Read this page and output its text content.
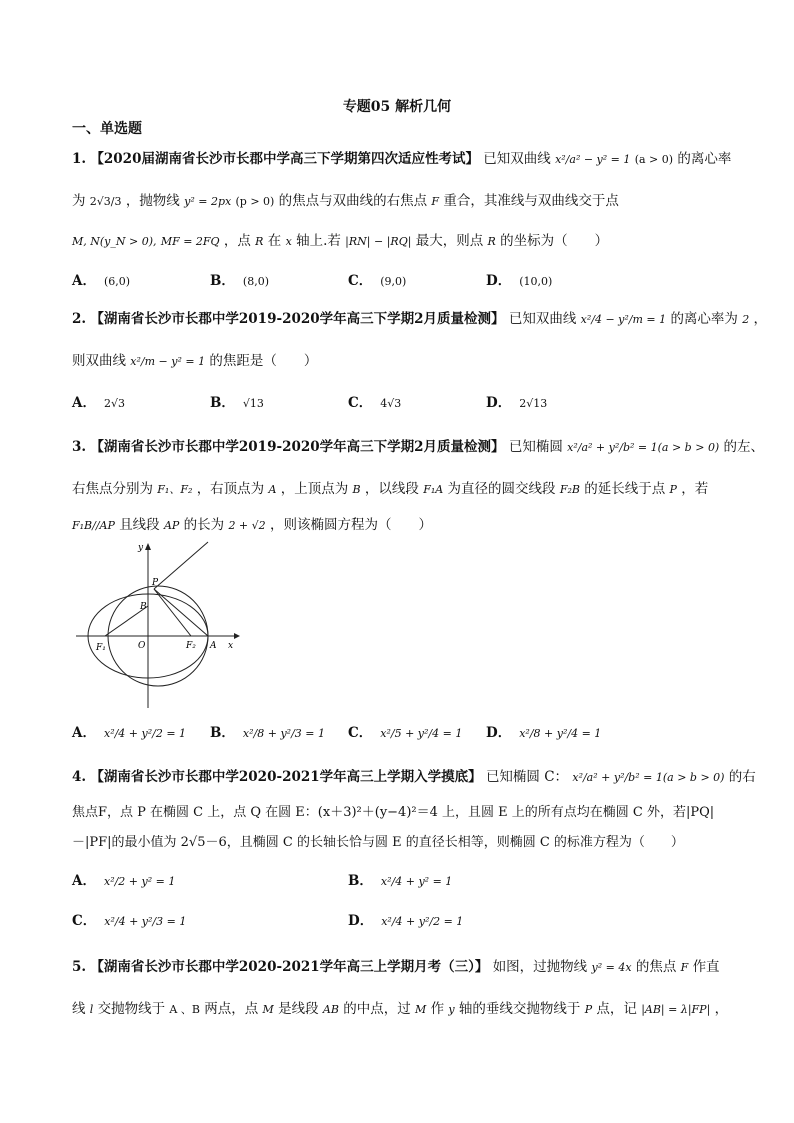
专题05 解析几何
一、单选题
1. 【2020届湖南省长沙市长郡中学高三下学期第四次适应性考试】 已知双曲线 x²/a² − y² = 1 (a > 0) 的离心率
为 2√3/3 ，抛物线 y² = 2px (p > 0) 的焦点与双曲线的右焦点 F 重合，其准线与双曲线交于点
M, N(y_N > 0), MF = 2FQ ，点 R 在 x 轴上.若 |RN| − |RQ| 最大，则点 R 的坐标为（　　）
A． (6,0)	B． (8,0)	C． (9,0)	D． (10,0)
2. 【湖南省长沙市长郡中学2019-2020学年高三下学期2月质量检测】 已知双曲线 x²/4 − y²/m = 1 的离心率为 2 ，
则双曲线 x²/m − y² = 1 的焦距是（　　）
A． 2√3	B． √13	C． 4√3	D． 2√13
3. 【湖南省长沙市长郡中学2019-2020学年高三下学期2月质量检测】 已知椭圆 x²/a² + y²/b² = 1(a > b > 0) 的左、
右焦点分别为 F₁、F₂ ，右顶点为 A ，上顶点为 B ，以线段 F₁A 为直径的圆交线段 F₂B 的延长线于点 P ，若
F₁B//AP 且线段 AP 的长为 2 + √2 ，则该椭圆方程为（　　）
y
P
B
F₁	O	F₂ A x
A． x²/4 + y²/2 = 1 B． x²/8 + y²/3 = 1 C． x²/5 + y²/4 = 1 D． x²/8 + y²/4 = 1
4. 【湖南省长沙市长郡中学2020-2021学年高三上学期入学摸底】 已知椭圆 C： x²/a² + y²/b² = 1(a > b > 0) 的右
焦点F，点 P 在椭圆 C 上，点 Q 在圆 E：(x＋3)²＋(y−4)²＝4 上，且圆 E 上的所有点均在椭圆 C 外，若|PQ|
－|PF|的最小值为 2√5－6，且椭圆 C 的长轴长恰与圆 E 的直径长相等，则椭圆 C 的标准方程为（　　）
A． x²/2 + y² = 1	B． x²/4 + y² = 1
C． x²/4 + y²/3 = 1	D． x²/4 + y²/2 = 1
5. 【湖南省长沙市长郡中学2020-2021学年高三上学期月考（三）】 如图，过抛物线 y² = 4x 的焦点 F 作直
线 l 交抛物线于 A 、B 两点，点 M 是线段 AB 的中点，过 M 作 y 轴的垂线交抛物线于 P 点，记 |AB| = λ|FP| ，
